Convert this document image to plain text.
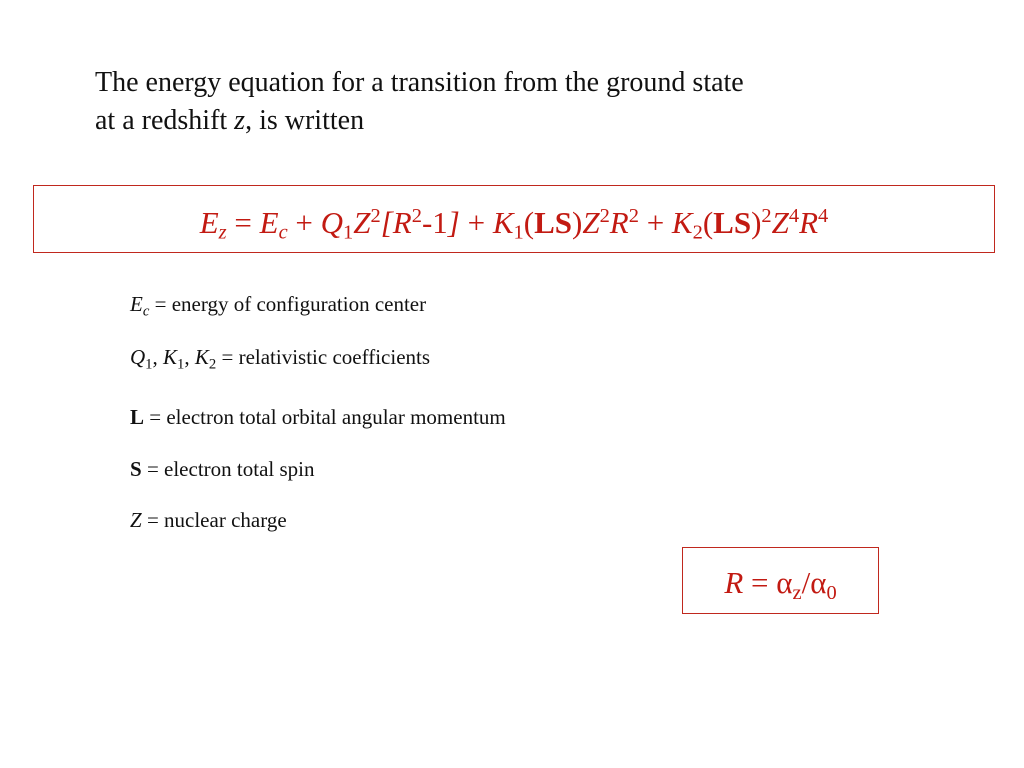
The energy equation for a transition from the ground state
at a redshift z, is written
$E_z = E_c + Q_1Z^2[R^2-1] + K_1(LS)Z^2R^2 + K_2(LS)^2Z^4R^4$
$E_c$ = energy of configuration center
$Q_1$, $K_1$, $K_2$ = relativistic coefficients
L = electron total orbital angular momentum
S = electron total spin
Z = nuclear charge
$R = \alpha_z/\alpha_0$
